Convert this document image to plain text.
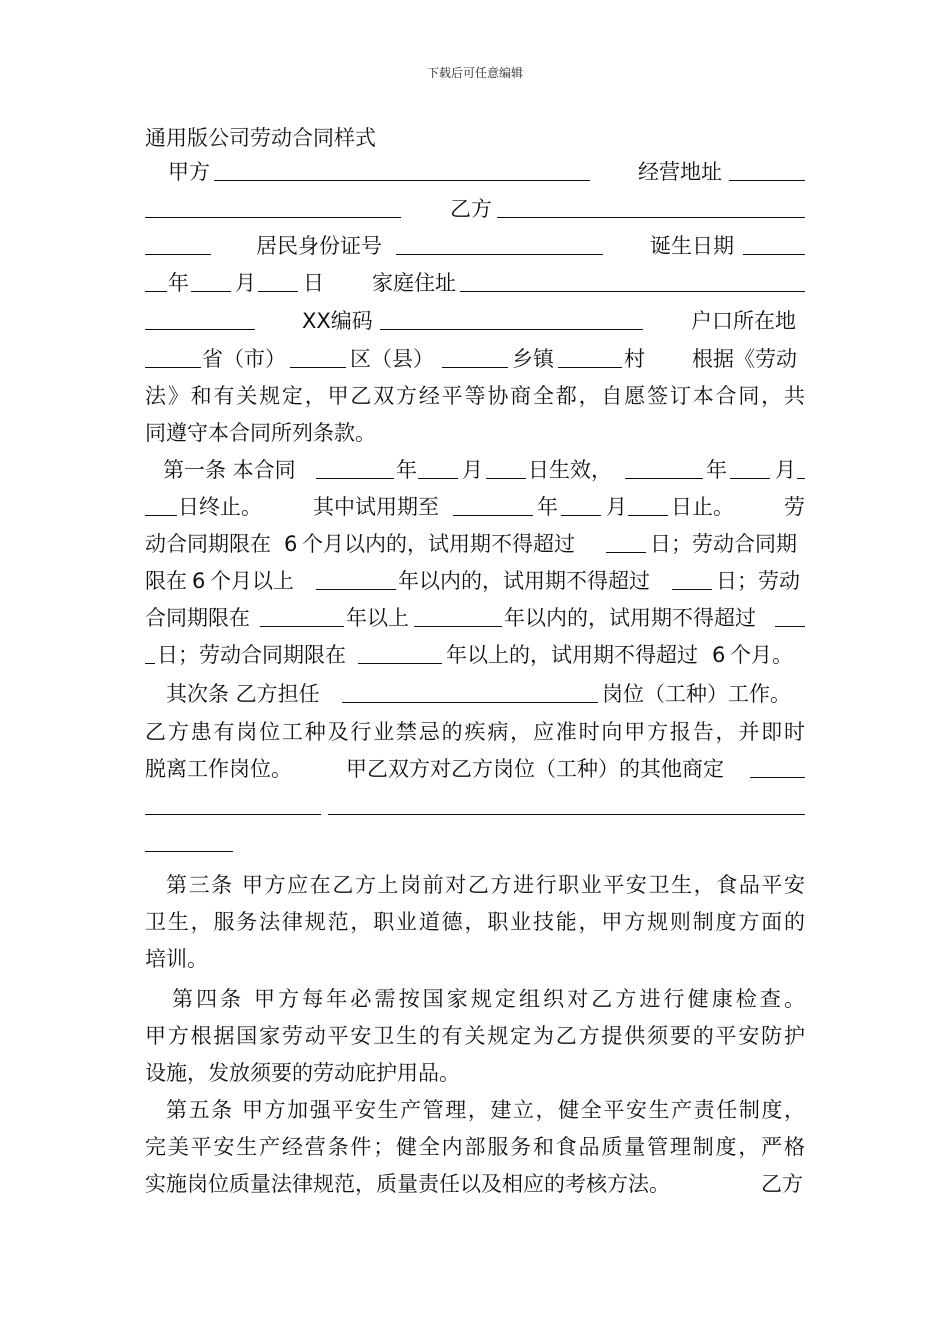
下载后可任意编辑
通用版公司劳动合同样式
甲方	经营地址
乙方
居民身份证号	诞生日期
年 月 日 家庭住址
XX编码	户口所在地
省（市）	区（县）	乡镇	村 根据《劳动
法》和有关规定，甲乙双方经平等协商全都，自愿签订本合同，共
同遵守本合同所列条款。
第一条 本合同	年 月 日生效，	年 月
日终止。 其中试用期至	年 月 日止。 劳
动合同期限在 6 个月以内的，试用期不得超过	日；劳动合同期
限在 6 个月以上	年以内的，试用期不得超过	日；劳动
合同期限在	年以上	年以内的，试用期不得超过
日；劳动合同期限在	年以上的，试用期不得超过 6 个月。
其次条 乙方担任	岗位（工种）工作。
乙方患有岗位工种及行业禁忌的疾病，应准时向甲方报告，并即时
脱离工作岗位。	甲乙双方对乙方岗位（工种）的其他商定
第三条 甲方应在乙方上岗前对乙方进行职业平安卫生，食品平安
卫生，服务法律规范，职业道德，职业技能，甲方规则制度方面的
培训。
第四条 甲方每年必需按国家规定组织对乙方进行健康检查。
甲方根据国家劳动平安卫生的有关规定为乙方提供须要的平安防护
设施，发放须要的劳动庇护用品。
第五条 甲方加强平安生产管理，建立，健全平安生产责任制度，
完美平安生产经营条件；健全内部服务和食品质量管理制度，严格
实施岗位质量法律规范，质量责任以及相应的考核方法。	乙方
